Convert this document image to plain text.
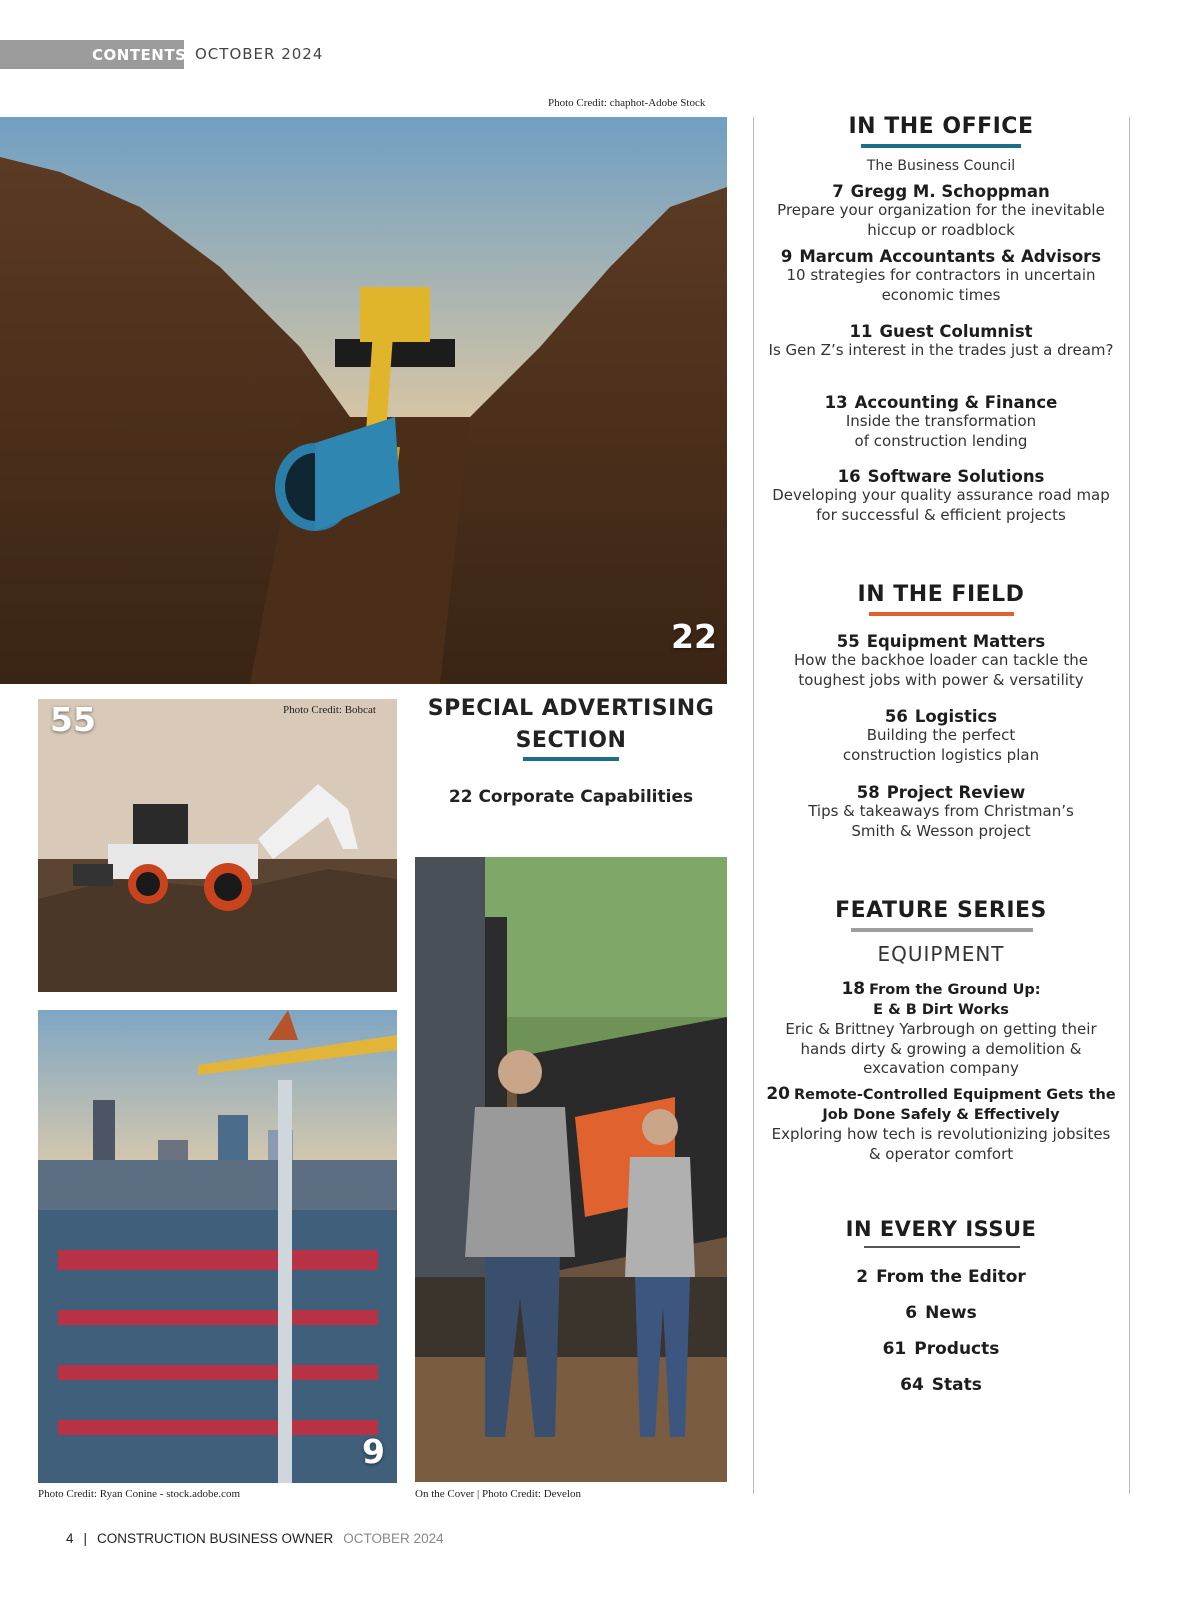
CONTENTS OCTOBER 2024
Photo Credit: chaphot-Adobe Stock
22
Photo Credit: Bobcat
55	SPECIAL ADVERTISING
SECTION
22 Corporate Capabilities
9
Photo Credit: Ryan Conine - stock.adobe.com	On the Cover | Photo Credit: Develon
IN THE OFFICE
The Business Council
7 Gregg M. Schoppman
Prepare your organization for the inevitable
hiccup or roadblock
9 Marcum Accountants & Advisors
10 strategies for contractors in uncertain
economic times
11 Guest Columnist
Is Gen Z’s interest in the trades just a dream?
13 Accounting & Finance
Inside the transformation
of construction lending
16 Software Solutions
Developing your quality assurance road map
for successful & efficient projects
IN THE FIELD
55 Equipment Matters
How the backhoe loader can tackle the
toughest jobs with power & versatility
56 Logistics
Building the perfect
construction logistics plan
58 Project Review
Tips & takeaways from Christman’s
Smith & Wesson project
FEATURE SERIES
EQUIPMENT
18 From the Ground Up:
E & B Dirt Works
Eric & Brittney Yarbrough on getting their
hands dirty & growing a demolition &
excavation company
20 Remote-Controlled Equipment Gets the
Job Done Safely & Effectively
Exploring how tech is revolutionizing jobsites
& operator comfort
IN EVERY ISSUE
2 From the Editor
6 News
61 Products
64 Stats
4 | CONSTRUCTION BUSINESS OWNER OCTOBER 2024
